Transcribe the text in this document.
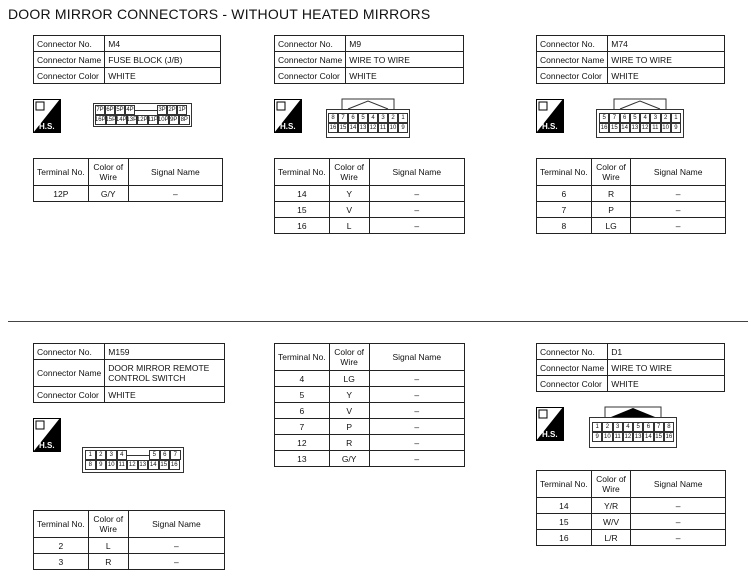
DOOR MIRROR CONNECTORS - WITHOUT HEATED MIRRORS
Connector No.	M4
Connector Name	FUSE BLOCK (J/B)
Connector Color	WHITE
H.S.
7P 6P 5P 4P	3P 2P 1P
16P 15P 14P 13P 12P 11P 10P 9P 8P
Terminal No.	Color of Wire	Signal Name
12P	G/Y	–
Connector No.	M9
Connector Name	WIRE TO WIRE
Connector Color	WHITE
H.S.
8	7	6	5	4	3	2	1
16 15 14 13 12 11 10 9
Terminal No.	Color of Wire	Signal Name
14	Y	–
15	V	–
16	L	–
Connector No.	M74
Connector Name	WIRE TO WIRE
Connector Color	WHITE
H.S.
5	7	6	5	4	3	2	1
16 15 14 13 12 11 10 9
Terminal No.	Color of Wire	Signal Name
6	R	–
7	P	–
8	LG	–
Connector No.	M159
Connector Name	DOOR MIRROR REMOTE CONTROL SWITCH
Connector Color	WHITE
H.S.
1	2	3	4	5	6	7
8	9 10 11 12 13 14 15 16
Terminal No.	Color of Wire	Signal Name
2	L	–
3	R	–
Terminal No.	Color of Wire	Signal Name
4	LG	–
5	Y	–
6	V	–
7	P	–
12	R	–
13	G/Y	–
Connector No.	D1
Connector Name	WIRE TO WIRE
Connector Color	WHITE
H.S.
1	2	3	4	5	6	7	8
9 10 11 12 13 14 15 16
Terminal No.	Color of Wire	Signal Name
14	Y/R	–
15	W/V	–
16	L/R	–
